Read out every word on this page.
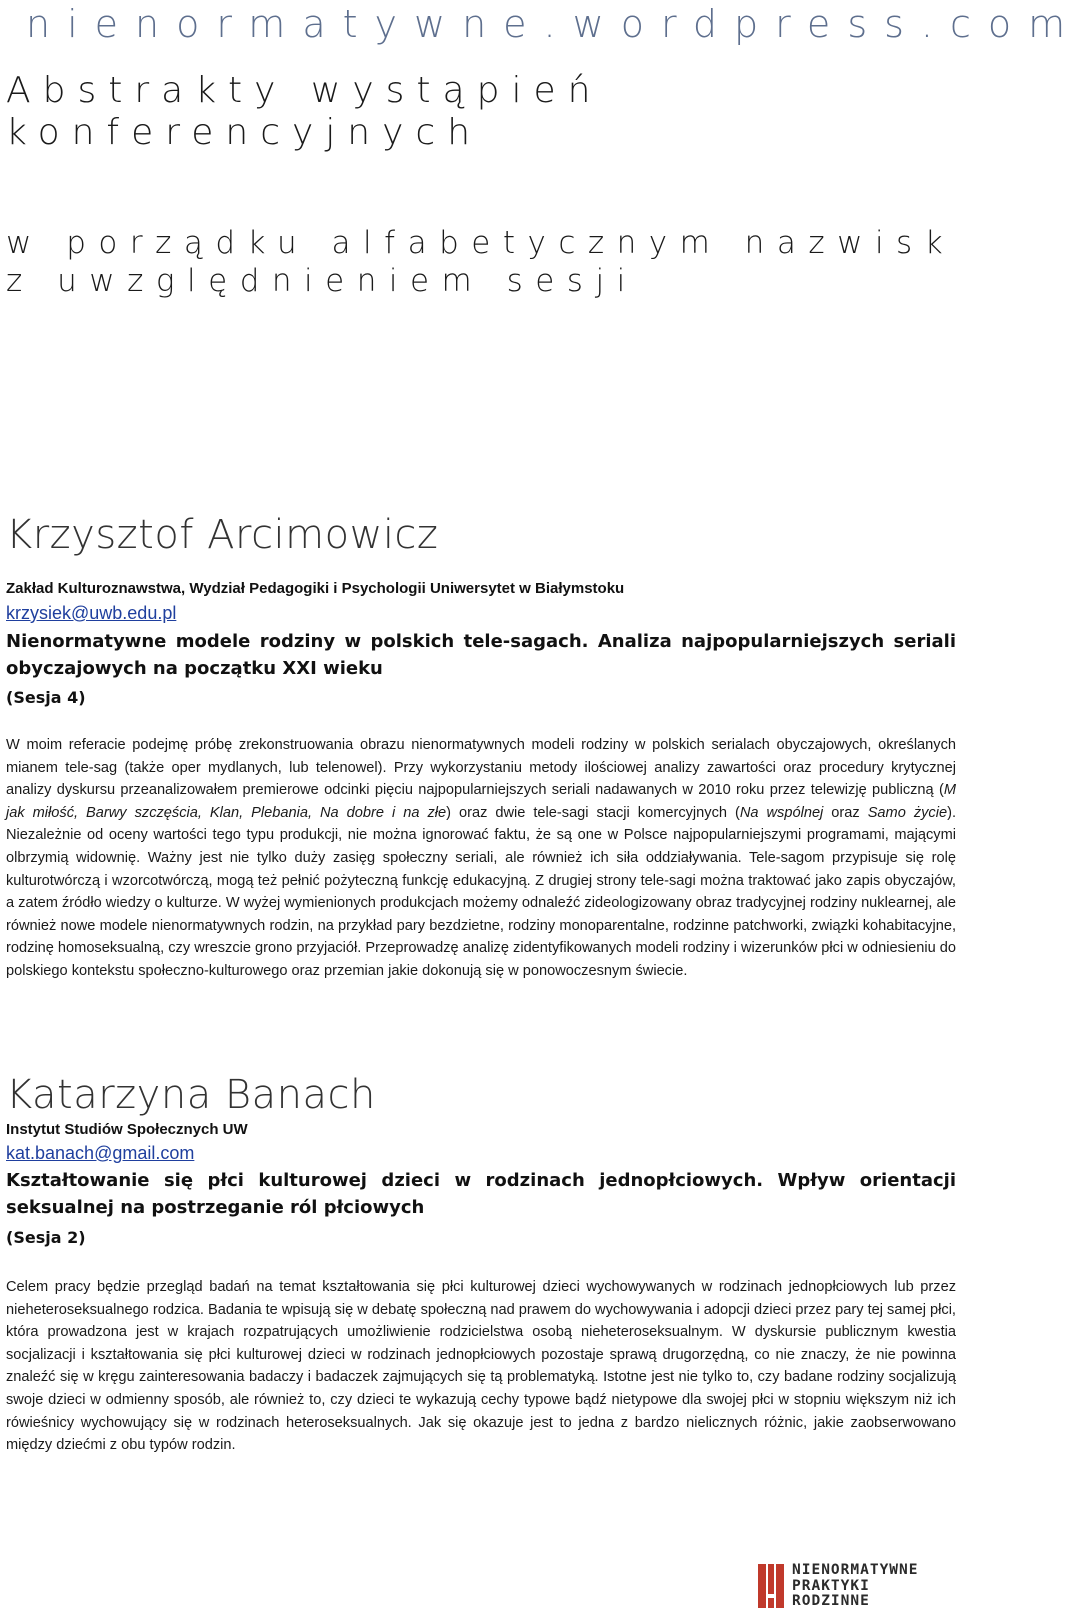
nienormatywne.wordpress.com

Abstrakty wystąpień
konferencyjnych

w porządku alfabetycznym nazwisk
z uwzględnieniem sesji

Krzysztof Arcimowicz

Zakład Kulturoznawstwa, Wydział Pedagogiki i Psychologii Uniwersytet w Białymstoku

krzysiek@uwb.edu.pl

Nienormatywne modele rodziny w polskich tele-sagach. Analiza najpopularniejszych seriali obyczajowych na początku XXI wieku

(Sesja 4)

W moim referacie podejmę próbę zrekonstruowania obrazu nienormatywnych modeli rodziny w polskich serialach obyczajowych, określanych mianem tele-sag (także oper mydlanych, lub telenowel). Przy wykorzystaniu metody ilościowej analizy zawartości oraz procedury krytycznej analizy dyskursu przeanalizowałem premierowe odcinki pięciu najpopularniejszych seriali nadawanych w 2010 roku przez telewizję publiczną (M jak miłość, Barwy szczęścia, Klan, Plebania, Na dobre i na złe) oraz dwie tele-sagi stacji komercyjnych (Na wspólnej oraz Samo życie). Niezależnie od oceny wartości tego typu produkcji, nie można ignorować faktu, że są one w Polsce najpopularniejszymi programami, mającymi olbrzymią widownię. Ważny jest nie tylko duży zasięg społeczny seriali, ale również ich siła oddziaływania. Tele-sagom przypisuje się rolę kulturotwórczą i wzorcotwórczą, mogą też pełnić pożyteczną funkcję edukacyjną. Z drugiej strony tele-sagi można traktować jako zapis obyczajów, a zatem źródło wiedzy o kulturze. W wyżej wymienionych produkcjach możemy odnaleźć zideologizowany obraz tradycyjnej rodziny nuklearnej, ale również nowe modele nienormatywnych rodzin, na przykład pary bezdzietne, rodziny monoparentalne, rodzinne patchworki, związki kohabitacyjne, rodzinę homoseksualną, czy wreszcie grono przyjaciół. Przeprowadzę analizę zidentyfikowanych modeli rodziny i wizerunków płci w odniesieniu do polskiego kontekstu społeczno-kulturowego oraz przemian jakie dokonują się w ponowoczesnym świecie.

Katarzyna Banach

Instytut Studiów Społecznych UW

kat.banach@gmail.com

Kształtowanie się płci kulturowej dzieci w rodzinach jednopłciowych. Wpływ orientacji seksualnej na postrzeganie ról płciowych

(Sesja 2)

Celem pracy będzie przegląd badań na temat kształtowania się płci kulturowej dzieci wychowywanych w rodzinach jednopłciowych lub przez nieheteroseksualnego rodzica. Badania te wpisują się w debatę społeczną nad prawem do wychowywania i adopcji dzieci przez pary tej samej płci, która prowadzona jest w krajach rozpatrujących umożliwienie rodzicielstwa osobą nieheteroseksualnym. W dyskursie publicznym kwestia socjalizacji i kształtowania się płci kulturowej dzieci w rodzinach jednopłciowych pozostaje sprawą drugorzędną, co nie znaczy, że nie powinna znaleźć się w kręgu zainteresowania badaczy i badaczek zajmujących się tą problematyką. Istotne jest nie tylko to, czy badane rodziny socjalizują swoje dzieci w odmienny sposób, ale również to, czy dzieci te wykazują cechy typowe bądź nietypowe dla swojej płci w stopniu większym niż ich rówieśnicy wychowujący się w rodzinach heteroseksualnych. Jak się okazuje jest to jedna z bardzo nielicznych różnic, jakie zaobserwowano między dziećmi z obu typów rodzin.

NIENORMATYWNE
PRAKTYKI
RODZINNE
